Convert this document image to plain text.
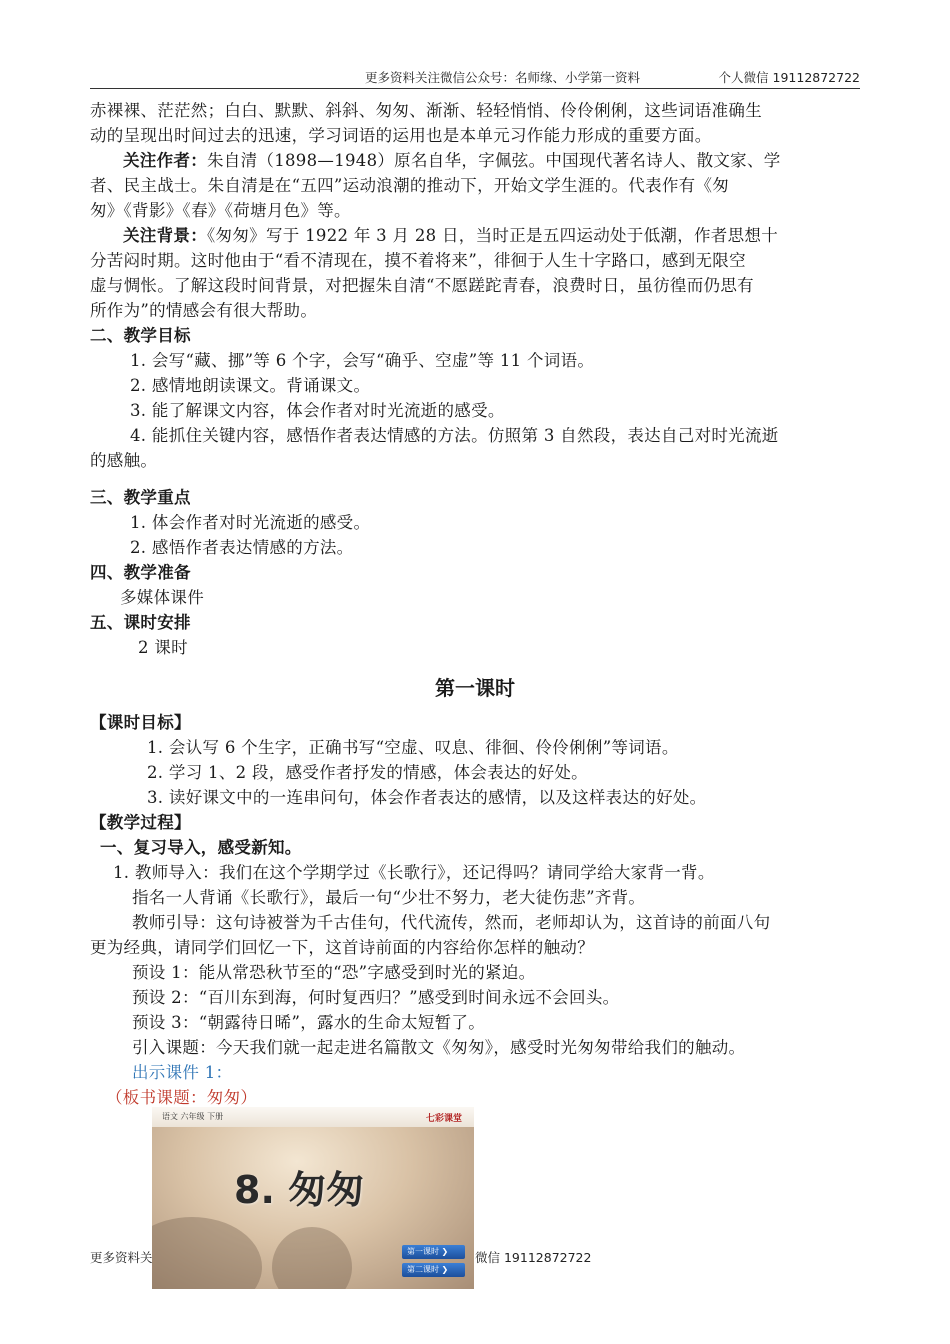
更多资料关注微信公众号：名师缘、小学第一资料	个人微信 19112872722
赤裸裸、茫茫然；白白、默默、斜斜、匆匆、渐渐、轻轻悄悄、伶伶俐俐，这些词语准确生
动的呈现出时间过去的迅速，学习词语的运用也是本单元习作能力形成的重要方面。
关注作者：朱自清（1898—1948）原名自华，字佩弦。中国现代著名诗人、散文家、学
者、民主战士。朱自清是在“五四”运动浪潮的推动下，开始文学生涯的。代表作有《匆
匆》《背影》《春》《荷塘月色》等。
关注背景：《匆匆》写于 1922 年 3 月 28 日，当时正是五四运动处于低潮，作者思想十
分苦闷时期。这时他由于“看不清现在，摸不着将来”，徘徊于人生十字路口，感到无限空
虚与惆怅。了解这段时间背景，对把握朱自清“不愿蹉跎青春，浪费时日，虽彷徨而仍思有
所作为”的情感会有很大帮助。
二、教学目标
1. 会写“藏、挪”等 6 个字，会写“确乎、空虚”等 11 个词语。
2. 感情地朗读课文。背诵课文。
3. 能了解课文内容，体会作者对时光流逝的感受。
4. 能抓住关键内容，感悟作者表达情感的方法。仿照第 3 自然段，表达自己对时光流逝
的感触。
三、教学重点
1. 体会作者对时光流逝的感受。
2. 感悟作者表达情感的方法。
四、教学准备
多媒体课件
五、课时安排
2 课时
第一课时
【课时目标】
1. 会认写 6 个生字，正确书写“空虚、叹息、徘徊、伶伶俐俐”等词语。
2. 学习 1、2 段，感受作者抒发的情感，体会表达的好处。
3. 读好课文中的一连串问句，体会作者表达的感情，以及这样表达的好处。
【教学过程】
一、复习导入，感受新知。
1. 教师导入：我们在这个学期学过《长歌行》，还记得吗？请同学给大家背一背。
指名一人背诵《长歌行》，最后一句“少壮不努力，老大徒伤悲”齐背。
教师引导：这句诗被誉为千古佳句，代代流传，然而，老师却认为，这首诗的前面八句
更为经典，请同学们回忆一下，这首诗前面的内容给你怎样的触动？
预设 1：能从常恐秋节至的“恐”字感受到时光的紧迫。
预设 2：“百川东到海，何时复西归？”感受到时间永远不会回头。
预设 3：“朝露待日晞”，露水的生命太短暂了。
引入课题：今天我们就一起走进名篇散文《匆匆》，感受时光匆匆带给我们的触动。
出示课件 1：
（板书课题：匆匆）
语文 六年级 下册	七彩课堂
8. 匆匆
第一课时 ❯
第二课时 ❯
更多资料关	微信 19112872722
